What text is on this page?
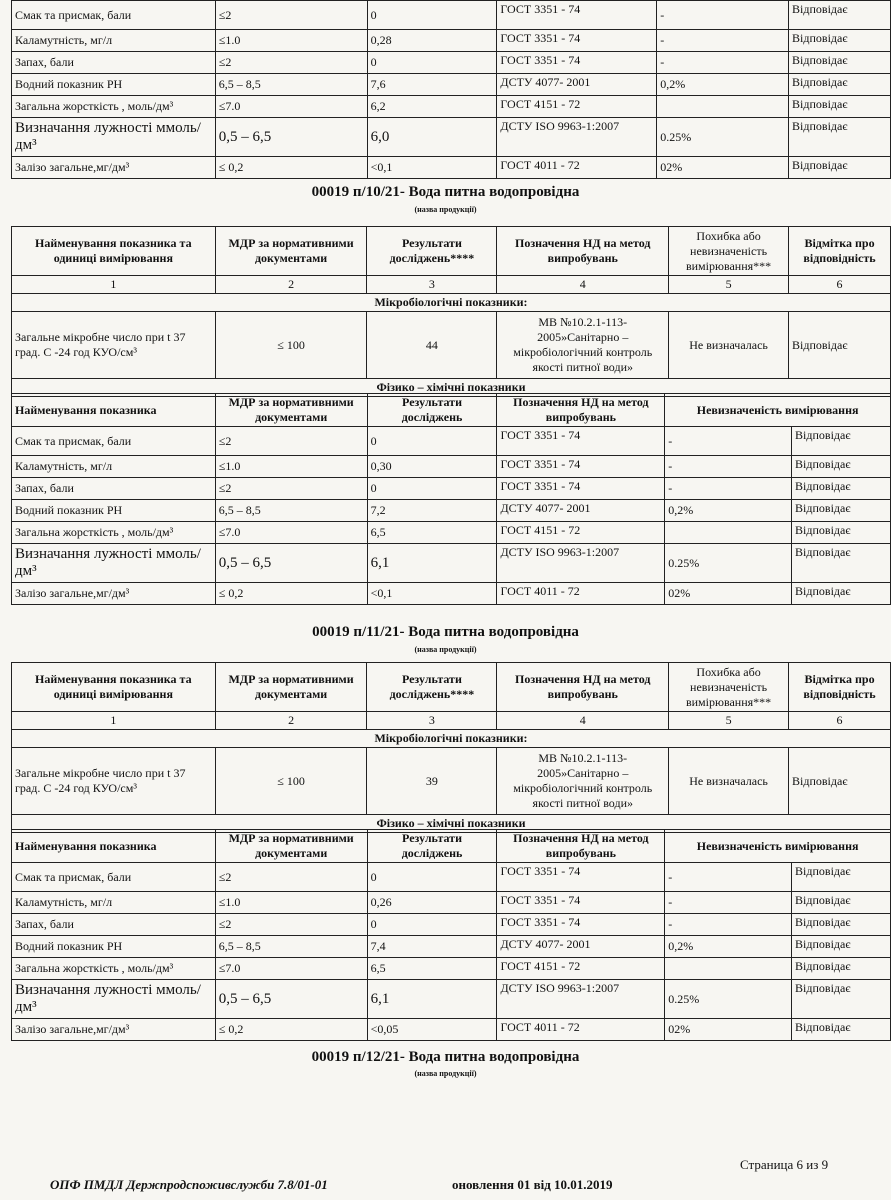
Смак та присмак, бали	≤2	0	ГОСТ 3351 - 74	-	Відповідає
Каламутність, мг/л	≤1.0	0,28	ГОСТ 3351 - 74	-	Відповідає
Запах, бали	≤2	0	ГОСТ 3351 - 74	-	Відповідає
Водний показник РН	6,5 – 8,5	7,6	ДСТУ 4077- 2001	0,2%	Відповідає
Загальна жорсткість , моль/дм³	≤7.0	6,2	ГОСТ 4151 - 72		Відповідає
Визначання лужності ммоль/дм³	0,5 – 6,5	6,0	ДСТУ ISO 9963-1:2007	0.25%	Відповідає
Залізо загальне,мг/дм³	≤ 0,2	<0,1	ГОСТ 4011 - 72	02%	Відповідає
00019 п/10/21- Вода питна водопровідна
(назва продукції)
Найменування показника та одиниці вимірювання	МДР за нормативними документами	Результати досліджень****	Позначення НД на метод випробувань	Похибка або невизначеність вимірювання***	Відмітка про відповідність
1	2	3	4	5	6
Мікробіологічні показники:					
Загальне мікробне число при t 37 град. С -24 год КУО/см³	≤ 100	44	МВ №10.2.1-113-2005»Санітарно – мікробіологічний контроль якості питної води»	Не визначалась	Відповідає
Фізико – хімічні показники					
Найменування показника	МДР за нормативними документами	Результати досліджень	Позначення НД на метод випробувань	Невизначеність вимірювання	
Смак та присмак, бали	≤2	0	ГОСТ 3351 - 74	-	Відповідає
Каламутність, мг/л	≤1.0	0,30	ГОСТ 3351 - 74	-	Відповідає
Запах, бали	≤2	0	ГОСТ 3351 - 74	-	Відповідає
Водний показник РН	6,5 – 8,5	7,2	ДСТУ 4077- 2001	0,2%	Відповідає
Загальна жорсткість , моль/дм³	≤7.0	6,5	ГОСТ 4151 - 72		Відповідає
Визначання лужності ммоль/дм³	0,5 – 6,5	6,1	ДСТУ ISO 9963-1:2007	0.25%	Відповідає
Залізо загальне,мг/дм³	≤ 0,2	<0,1	ГОСТ 4011 - 72	02%	Відповідає
00019 п/11/21- Вода питна водопровідна
(назва продукції)
Найменування показника та одиниці вимірювання	МДР за нормативними документами	Результати досліджень****	Позначення НД на метод випробувань	Похибка або невизначеність вимірювання***	Відмітка про відповідність
1	2	3	4	5	6
Мікробіологічні показники:					
Загальне мікробне число при t 37 град. С -24 год КУО/см³	≤ 100	39	МВ №10.2.1-113-2005»Санітарно – мікробіологічний контроль якості питної води»	Не визначалась	Відповідає
Фізико – хімічні показники					
Найменування показника	МДР за нормативними документами	Результати досліджень	Позначення НД на метод випробувань	Невизначеність вимірювання	
Смак та присмак, бали	≤2	0	ГОСТ 3351 - 74	-	Відповідає
Каламутність, мг/л	≤1.0	0,26	ГОСТ 3351 - 74	-	Відповідає
Запах, бали	≤2	0	ГОСТ 3351 - 74	-	Відповідає
Водний показник РН	6,5 – 8,5	7,4	ДСТУ 4077- 2001	0,2%	Відповідає
Загальна жорсткість , моль/дм³	≤7.0	6,5	ГОСТ 4151 - 72		Відповідає
Визначання лужності ммоль/дм³	0,5 – 6,5	6,1	ДСТУ ISO 9963-1:2007	0.25%	Відповідає
Залізо загальне,мг/дм³	≤ 0,2	<0,05	ГОСТ 4011 - 72	02%	Відповідає
00019 п/12/21- Вода питна водопровідна
(назва продукції)
Страница 6 из 9
ОПФ ПМДЛ Держпродспоживслужби 7.8/01-01	оновлення 01 від 10.01.2019
